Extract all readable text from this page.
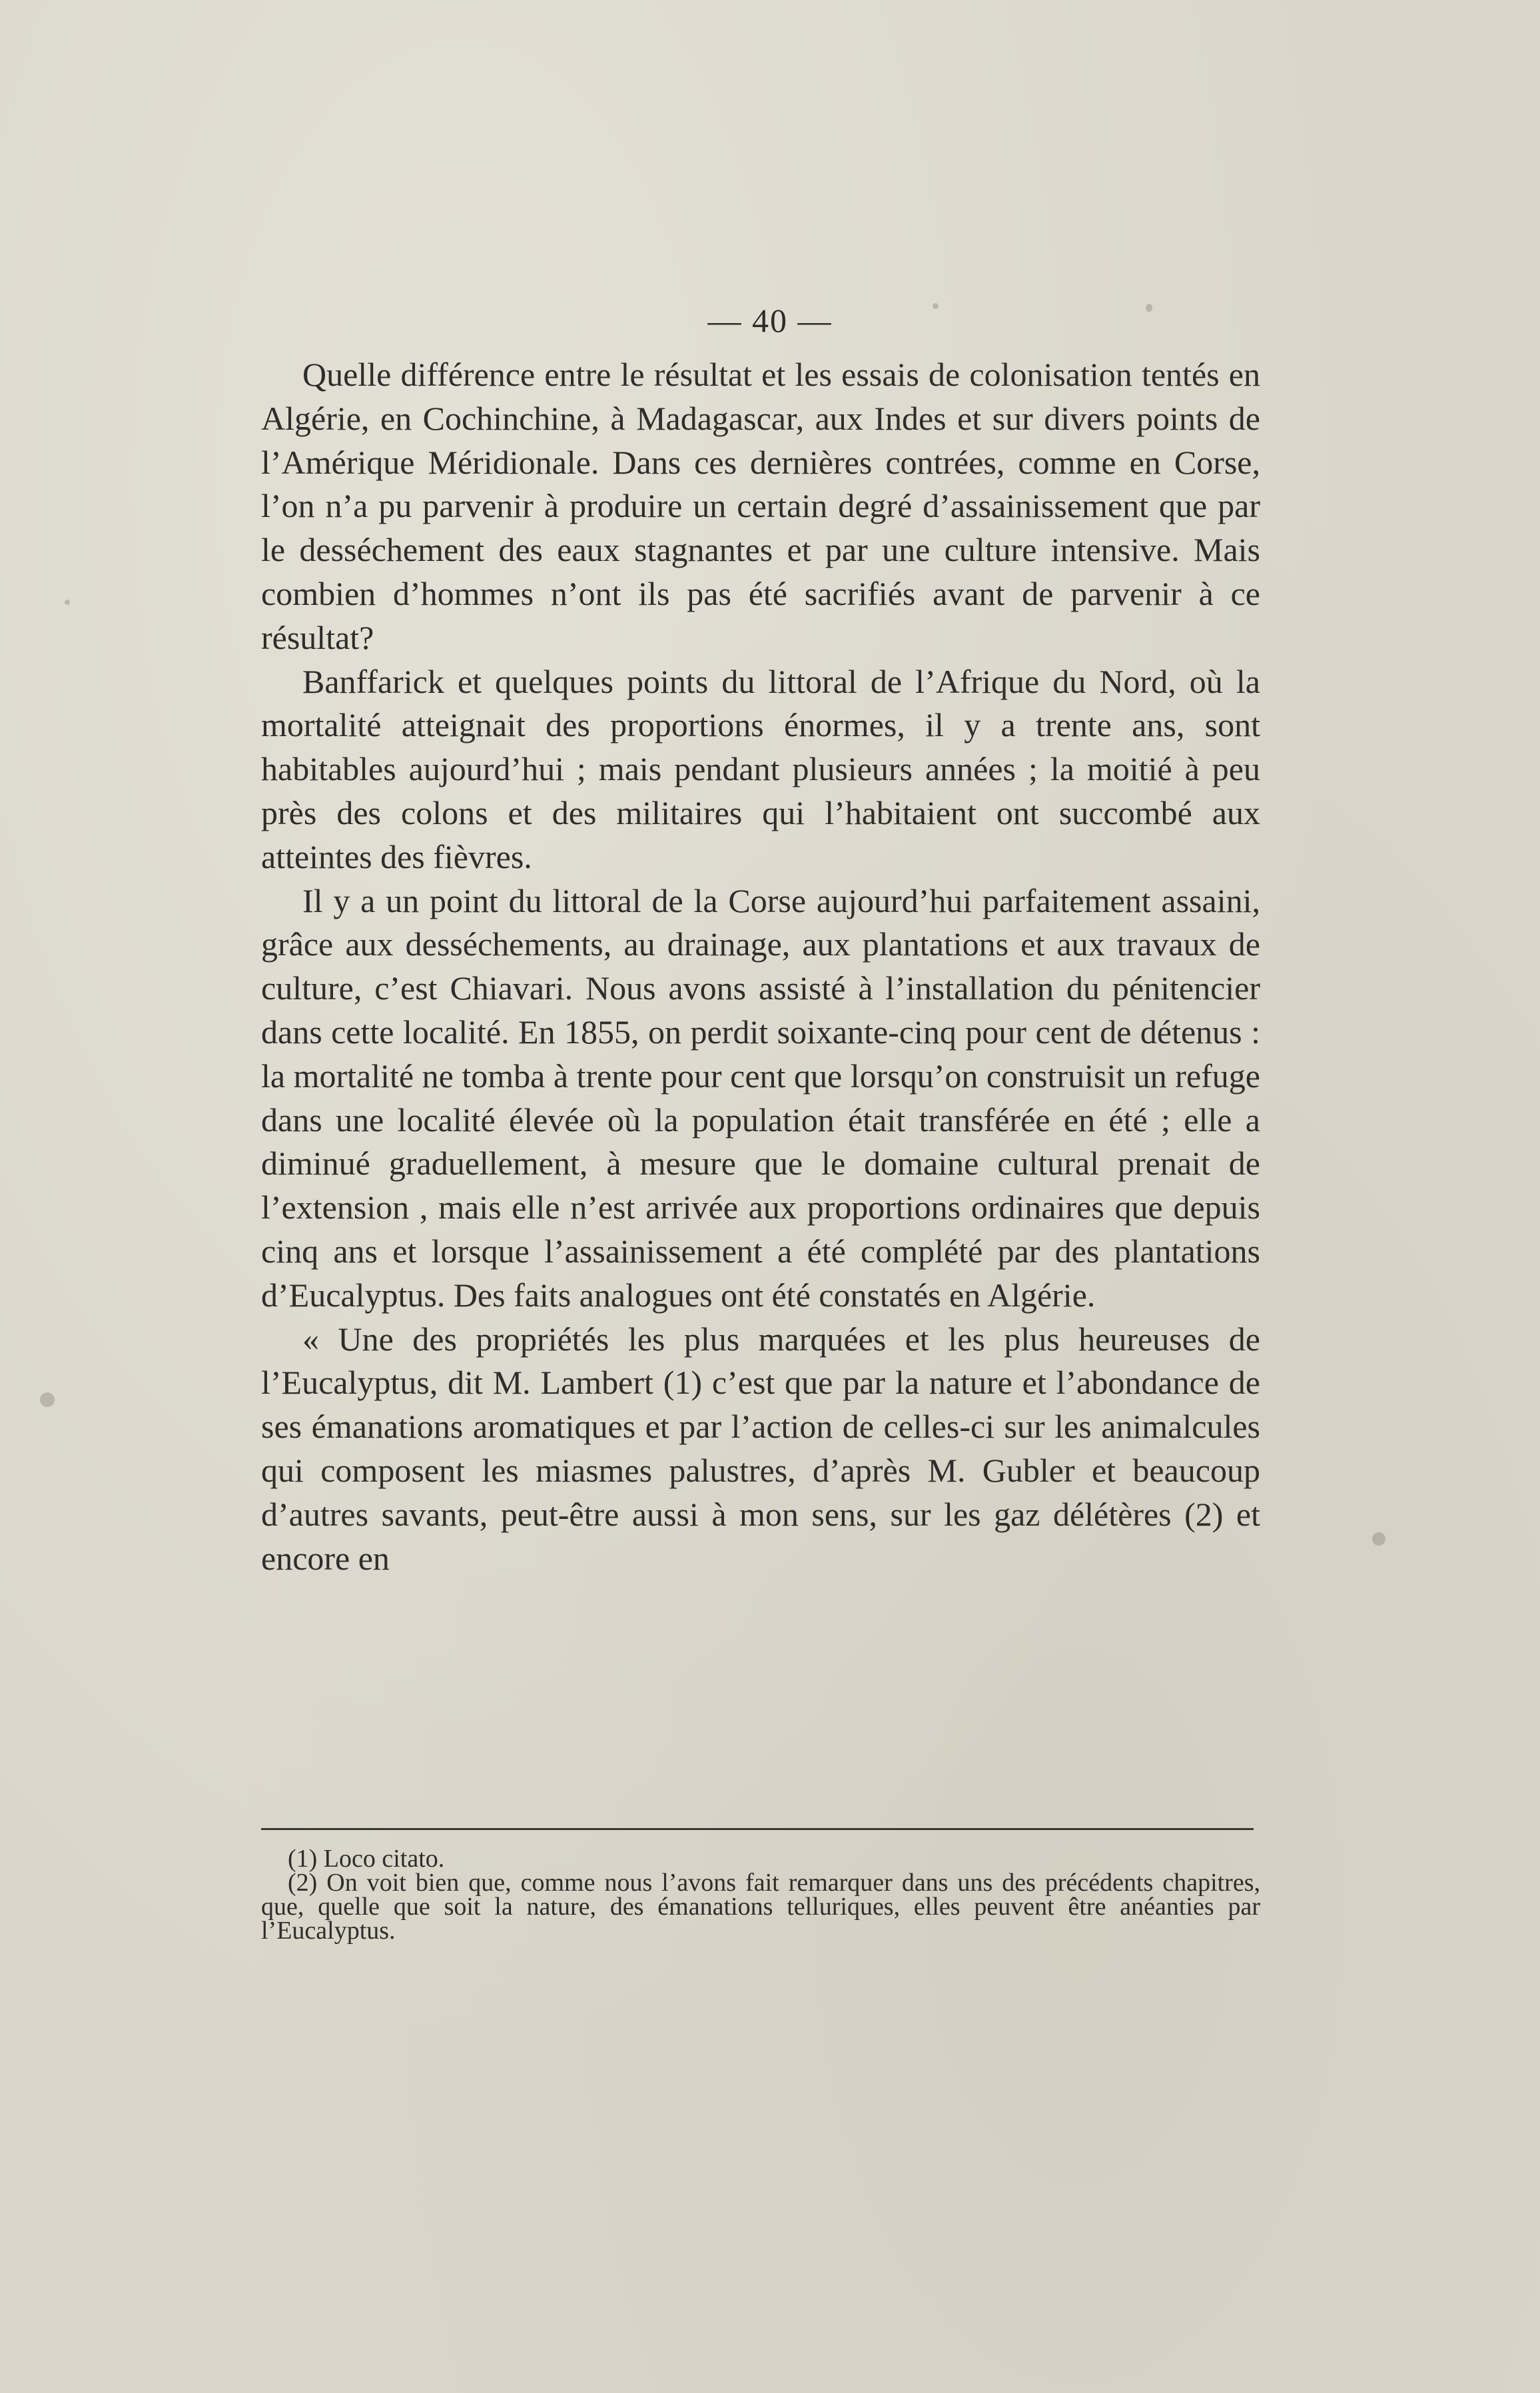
— 40 —

Quelle différence entre le résultat et les essais de colonisation tentés en Algérie, en Cochinchine, à Madagascar, aux Indes et sur divers points de l’Amérique Méridionale. Dans ces dernières contrées, comme en Corse, l’on n’a pu parvenir à produire un certain degré d’assainissement que par le desséchement des eaux stagnantes et par une culture intensive. Mais combien d’hommes n’ont ils pas été sacrifiés avant de parvenir à ce résultat?

Banffarick et quelques points du littoral de l’Afrique du Nord, où la mortalité atteignait des proportions énormes, il y a trente ans, sont habitables aujourd’hui ; mais pendant plusieurs années ; la moitié à peu près des colons et des militaires qui l’habitaient ont succombé aux atteintes des fièvres.

Il y a un point du littoral de la Corse aujourd’hui parfaitement assaini, grâce aux desséchements, au drainage, aux plantations et aux travaux de culture, c’est Chiavari. Nous avons assisté à l’installation du pénitencier dans cette localité. En 1855, on perdit soixante-cinq pour cent de détenus : la mortalité ne tomba à trente pour cent que lorsqu’on construisit un refuge dans une localité élevée où la population était transférée en été ; elle a diminué graduellement, à mesure que le domaine cultural prenait de l’extension , mais elle n’est arrivée aux proportions ordinaires que depuis cinq ans et lorsque l’assainissement a été complété par des plantations d’Eucalyptus. Des faits analogues ont été constatés en Algérie.

« Une des propriétés les plus marquées et les plus heureuses de l’Eucalyptus, dit M. Lambert (1) c’est que par la nature et l’abondance de ses émanations aromatiques et par l’action de celles-ci sur les animalcules qui composent les miasmes palustres, d’après M. Gubler et beaucoup d’autres savants, peut-être aussi à mon sens, sur les gaz délétères (2) et encore en

(1) Loco citato.

(2) On voit bien que, comme nous l’avons fait remarquer dans uns des précédents chapitres, que, quelle que soit la nature, des émanations telluriques, elles peuvent être anéanties par l’Eucalyptus.
